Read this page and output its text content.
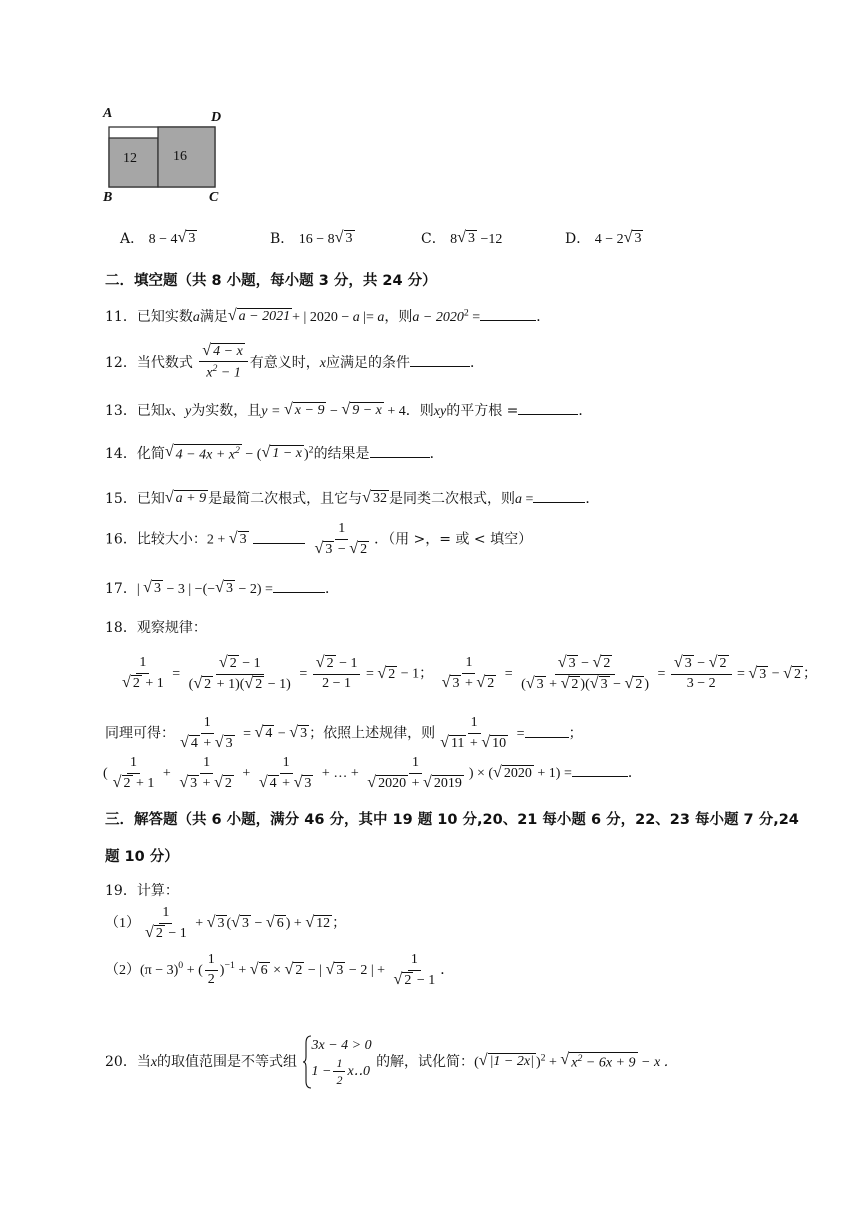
A	D
B	C
12	16
A． 8 − 4 √ 3	B． 16 − 8 √ 3	C． 8 √ 3 −12	D． 4 − 2 √ 3
二．填空题（共 8 小题，每小题 3 分，共 24 分）
11．已知实数a满足 √ a − 2021 + | 2020 − a |= a，则$a - 2020^2$ =	．
12．当代数式 $\frac{√ 4 - x}{x^2 - 1}$ 有意义时，x应满足的条件	．
13．已知x、y为实数，且y = √ x − 9 − √ 9 − x + 4．则xy的平方根 =	．
14．化简 √ $4 - 4x + x^2$ − ( √ 1 − x )$^2$的结果是	．
15．已知 √ a + 9 是最简二次根式，且它与 √ 32 是同类二次根式，则a =	．
16．比较大小：2 + √ 3
	$\frac{1}{√ 3 - √ 2}$ ．（用 >，= 或 < 填空）
17．| √ 3 − 3 | −(− √ 3 − 2) =	．
18．观察规律：
$\frac{1}{√ 2 + 1} = \frac{√ 2 - 1}{( √ 2 + 1)( √ 2 - 1)} = \frac{√ 2 - 1}{2 - 1}$ = √ 2 − 1； $\frac{1}{√ 3 + √ 2} = \frac{√ 3 - √ 2}{( √ 3 + √ 2 )( √ 3 - √ 2 )} = \frac{√ 3 - √ 2}{3 - 2}$ = √ 3 − √ 2 ；
同理可得： $\frac{1}{√ 4 + √ 3}$ = √ 4 − √ 3 ；依照上述规律，则 $\frac{1}{√ 11 + √ 10}$ =	；
( $\frac{1}{√ 2 + 1} + \frac{1}{√ 3 + √ 2} + \frac{1}{√ 4 + √ 3}$ + … + $\frac{1}{√ 2020 + √ 2019}$ ) × ( √ 2020 + 1) =	．
三．解答题（共 6 小题，满分 46 分，其中 19 题 10 分,20、21 每小题 6 分，22、23 每小题 7 分,24
题 10 分）
19．计算：
$(1) \frac{1}{√ 2 - 1}$ + √ 3 ( √ 3 − √ 6 ) + √ 12 ；
$(2)(\pi - 3)^0$ + ( $\frac{1}{2} )^{-1}$ + √ 6 × √ 2 − | √ 3 − 2 | + $\frac{1}{√ 2 - 1}$ ．
20．当x的取值范围是不等式组
3x − 4 > 0
$1 - \frac{1}{2}$ x‥0
的解，试化简：( √ |1 − 2x| )$^2$ + √ $x^2 - 6x + 9 - x$ ．
